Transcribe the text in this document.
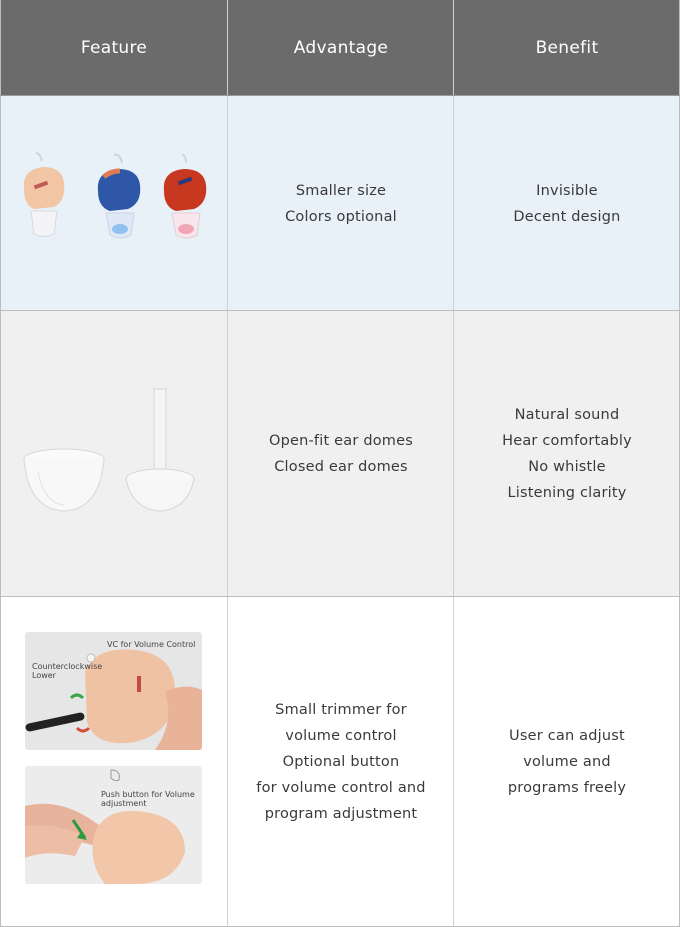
Feature	Advantage	Benefit
Smaller size
Colors optional
Invisible
Decent design
Open-fit ear domes
Closed ear domes
Natural sound
Hear comfortably
No whistle
Listening clarity
VC for Volume Control
Counterclockwise
Lower
Push button for Volume
adjustment
Small trimmer for
volume control
Optional button
for volume control and
program adjustment
User can adjust
volume and
programs freely
